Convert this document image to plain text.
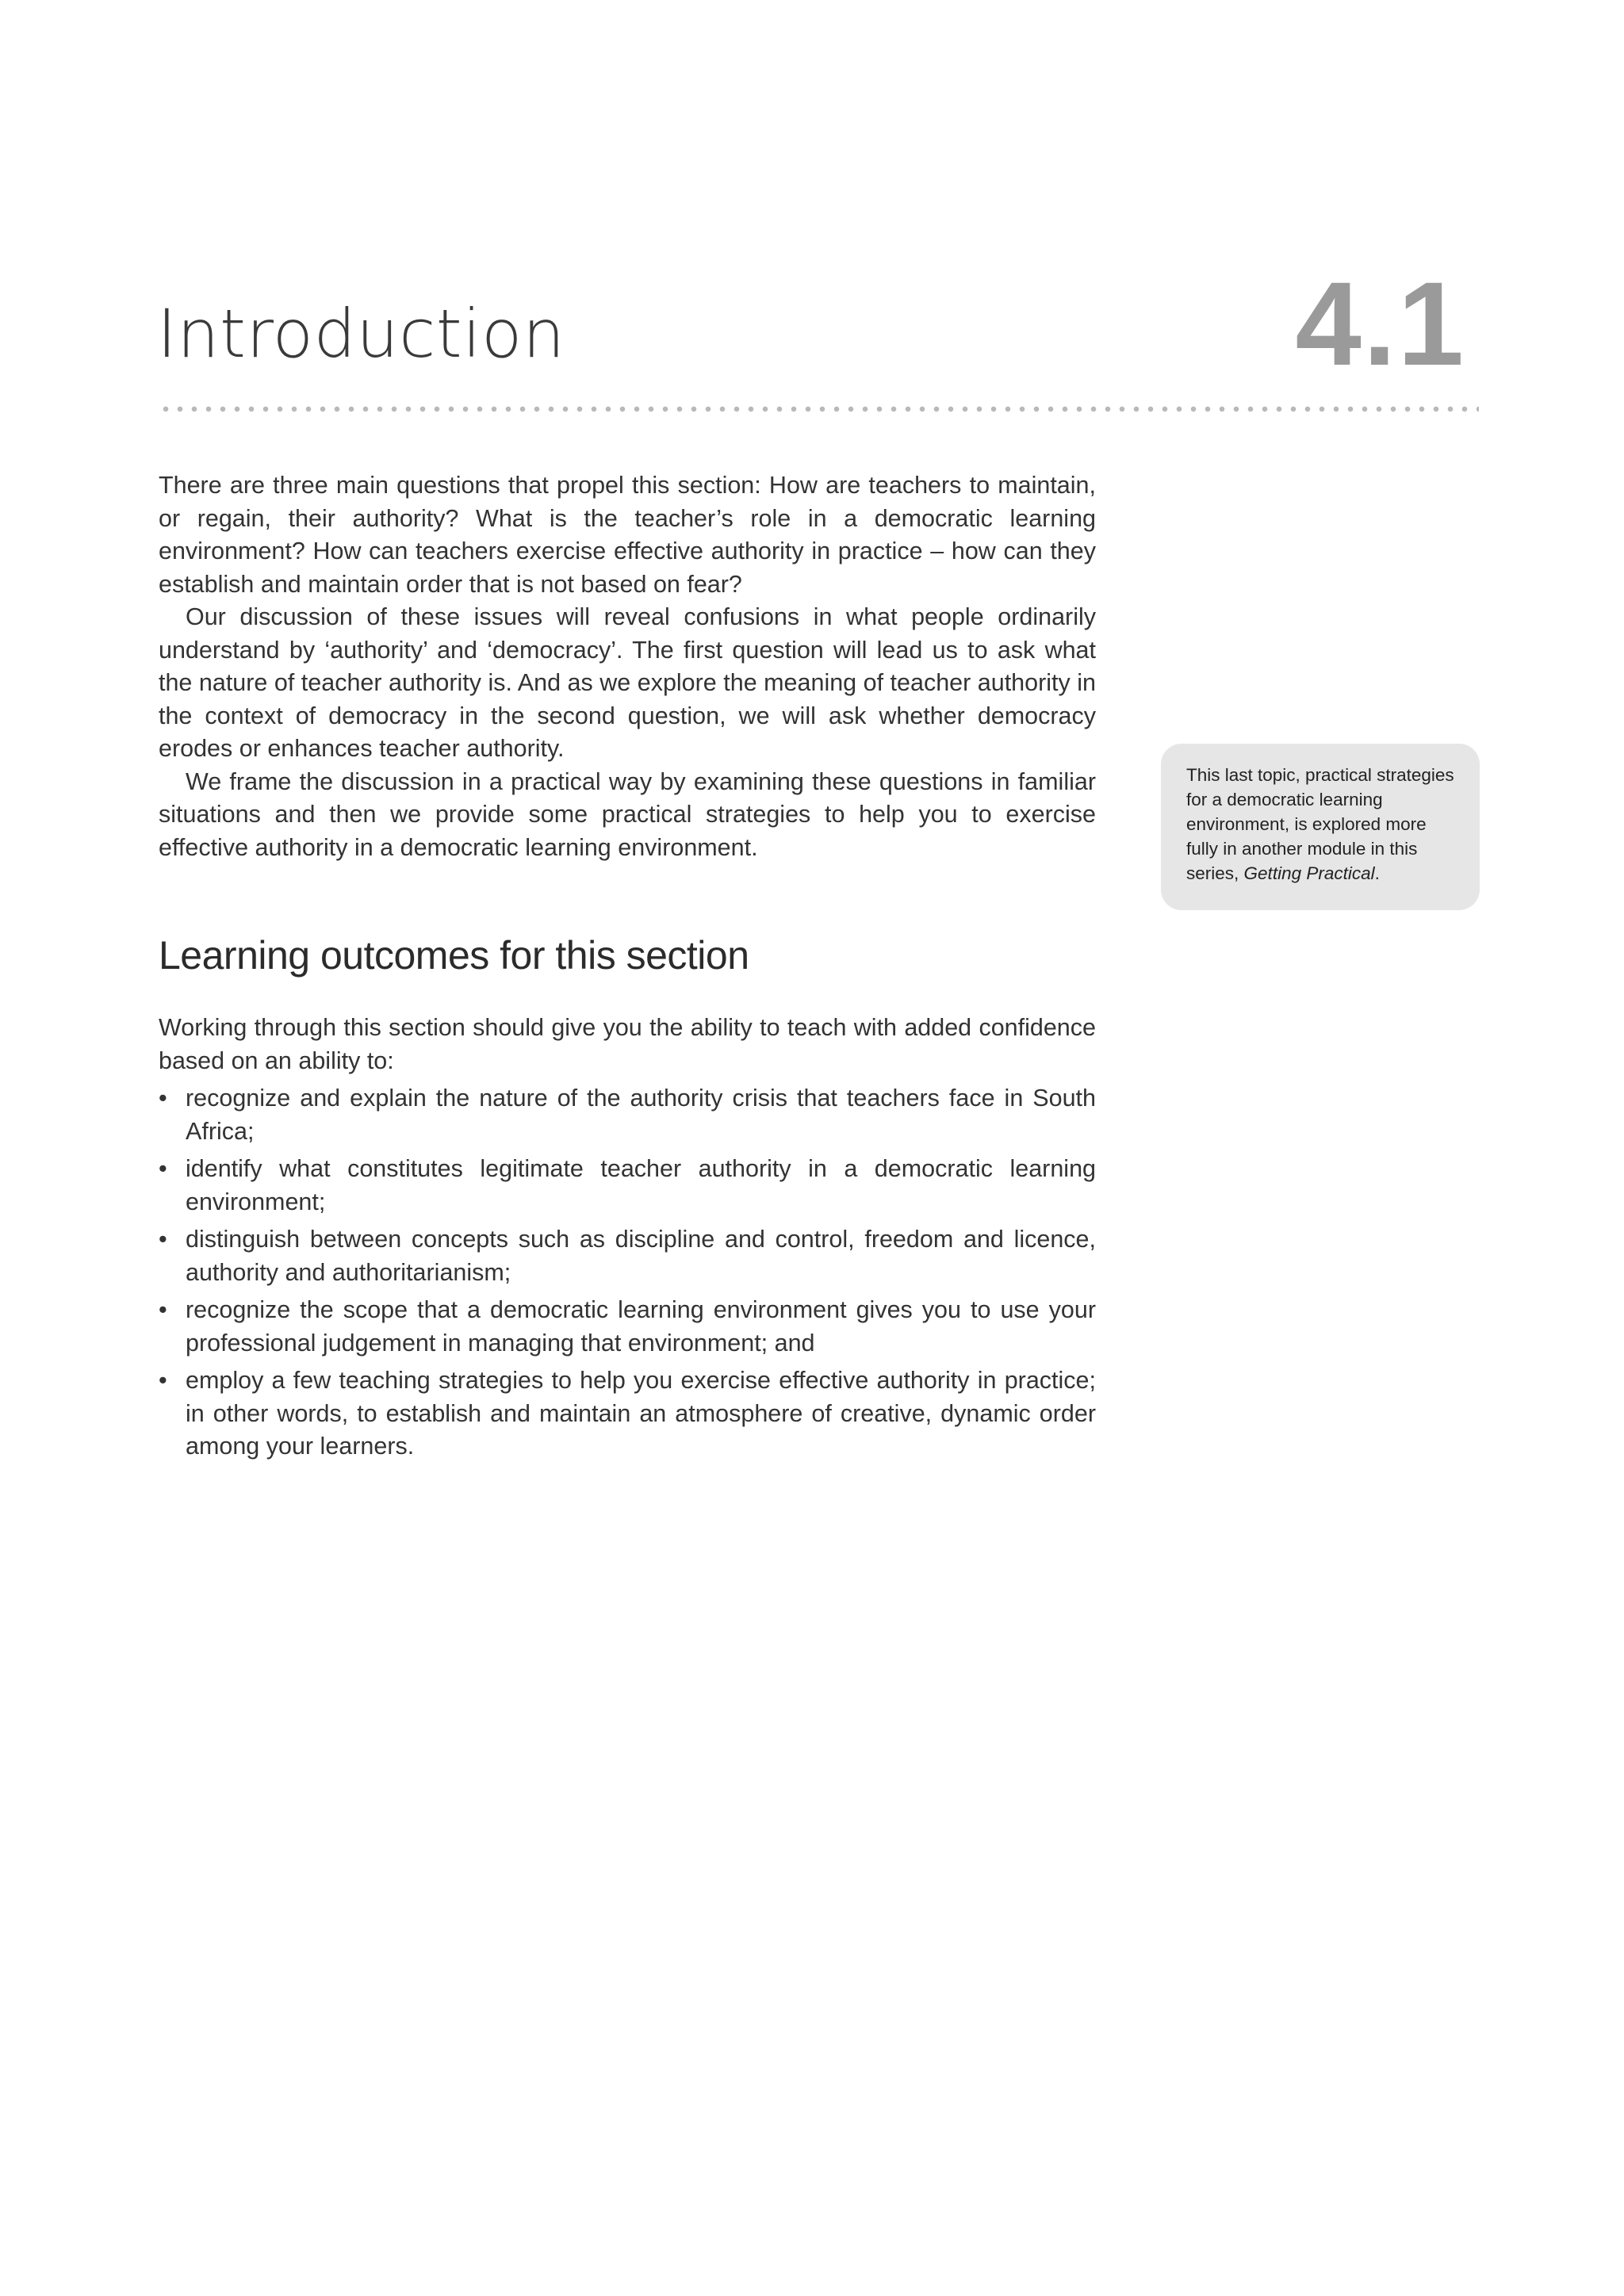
Introduction	4.1

There are three main questions that propel this section: How are teachers to maintain, or regain, their authority? What is the teacher’s role in a democratic learning environment? How can teachers exercise effective authority in practice – how can they establish and maintain order that is not based on fear?

Our discussion of these issues will reveal confusions in what people ordinarily understand by ‘authority’ and ‘democracy’. The first question will lead us to ask what the nature of teacher authority is. And as we explore the meaning of teacher authority in the context of democracy in the second question, we will ask whether democracy erodes or enhances teacher authority.

We frame the discussion in a practical way by examining these questions in familiar situations and then we provide some practical strategies to help you to exercise effective authority in a democratic learning environment.

This last topic, practical strategies for a democratic learning environment, is explored more fully in another module in this series, Getting Practical.
Learning outcomes for this section

Working through this section should give you the ability to teach with added confidence based on an ability to:

• recognize and explain the nature of the authority crisis that teachers face in South Africa;
• identify what constitutes legitimate teacher authority in a democratic learning environment;
• distinguish between concepts such as discipline and control, freedom and licence, authority and authoritarianism;
• recognize the scope that a democratic learning environment gives you to use your professional judgement in managing that environment; and
• employ a few teaching strategies to help you exercise effective authority in practice; in other words, to establish and maintain an atmosphere of creative, dynamic order among your learners.
